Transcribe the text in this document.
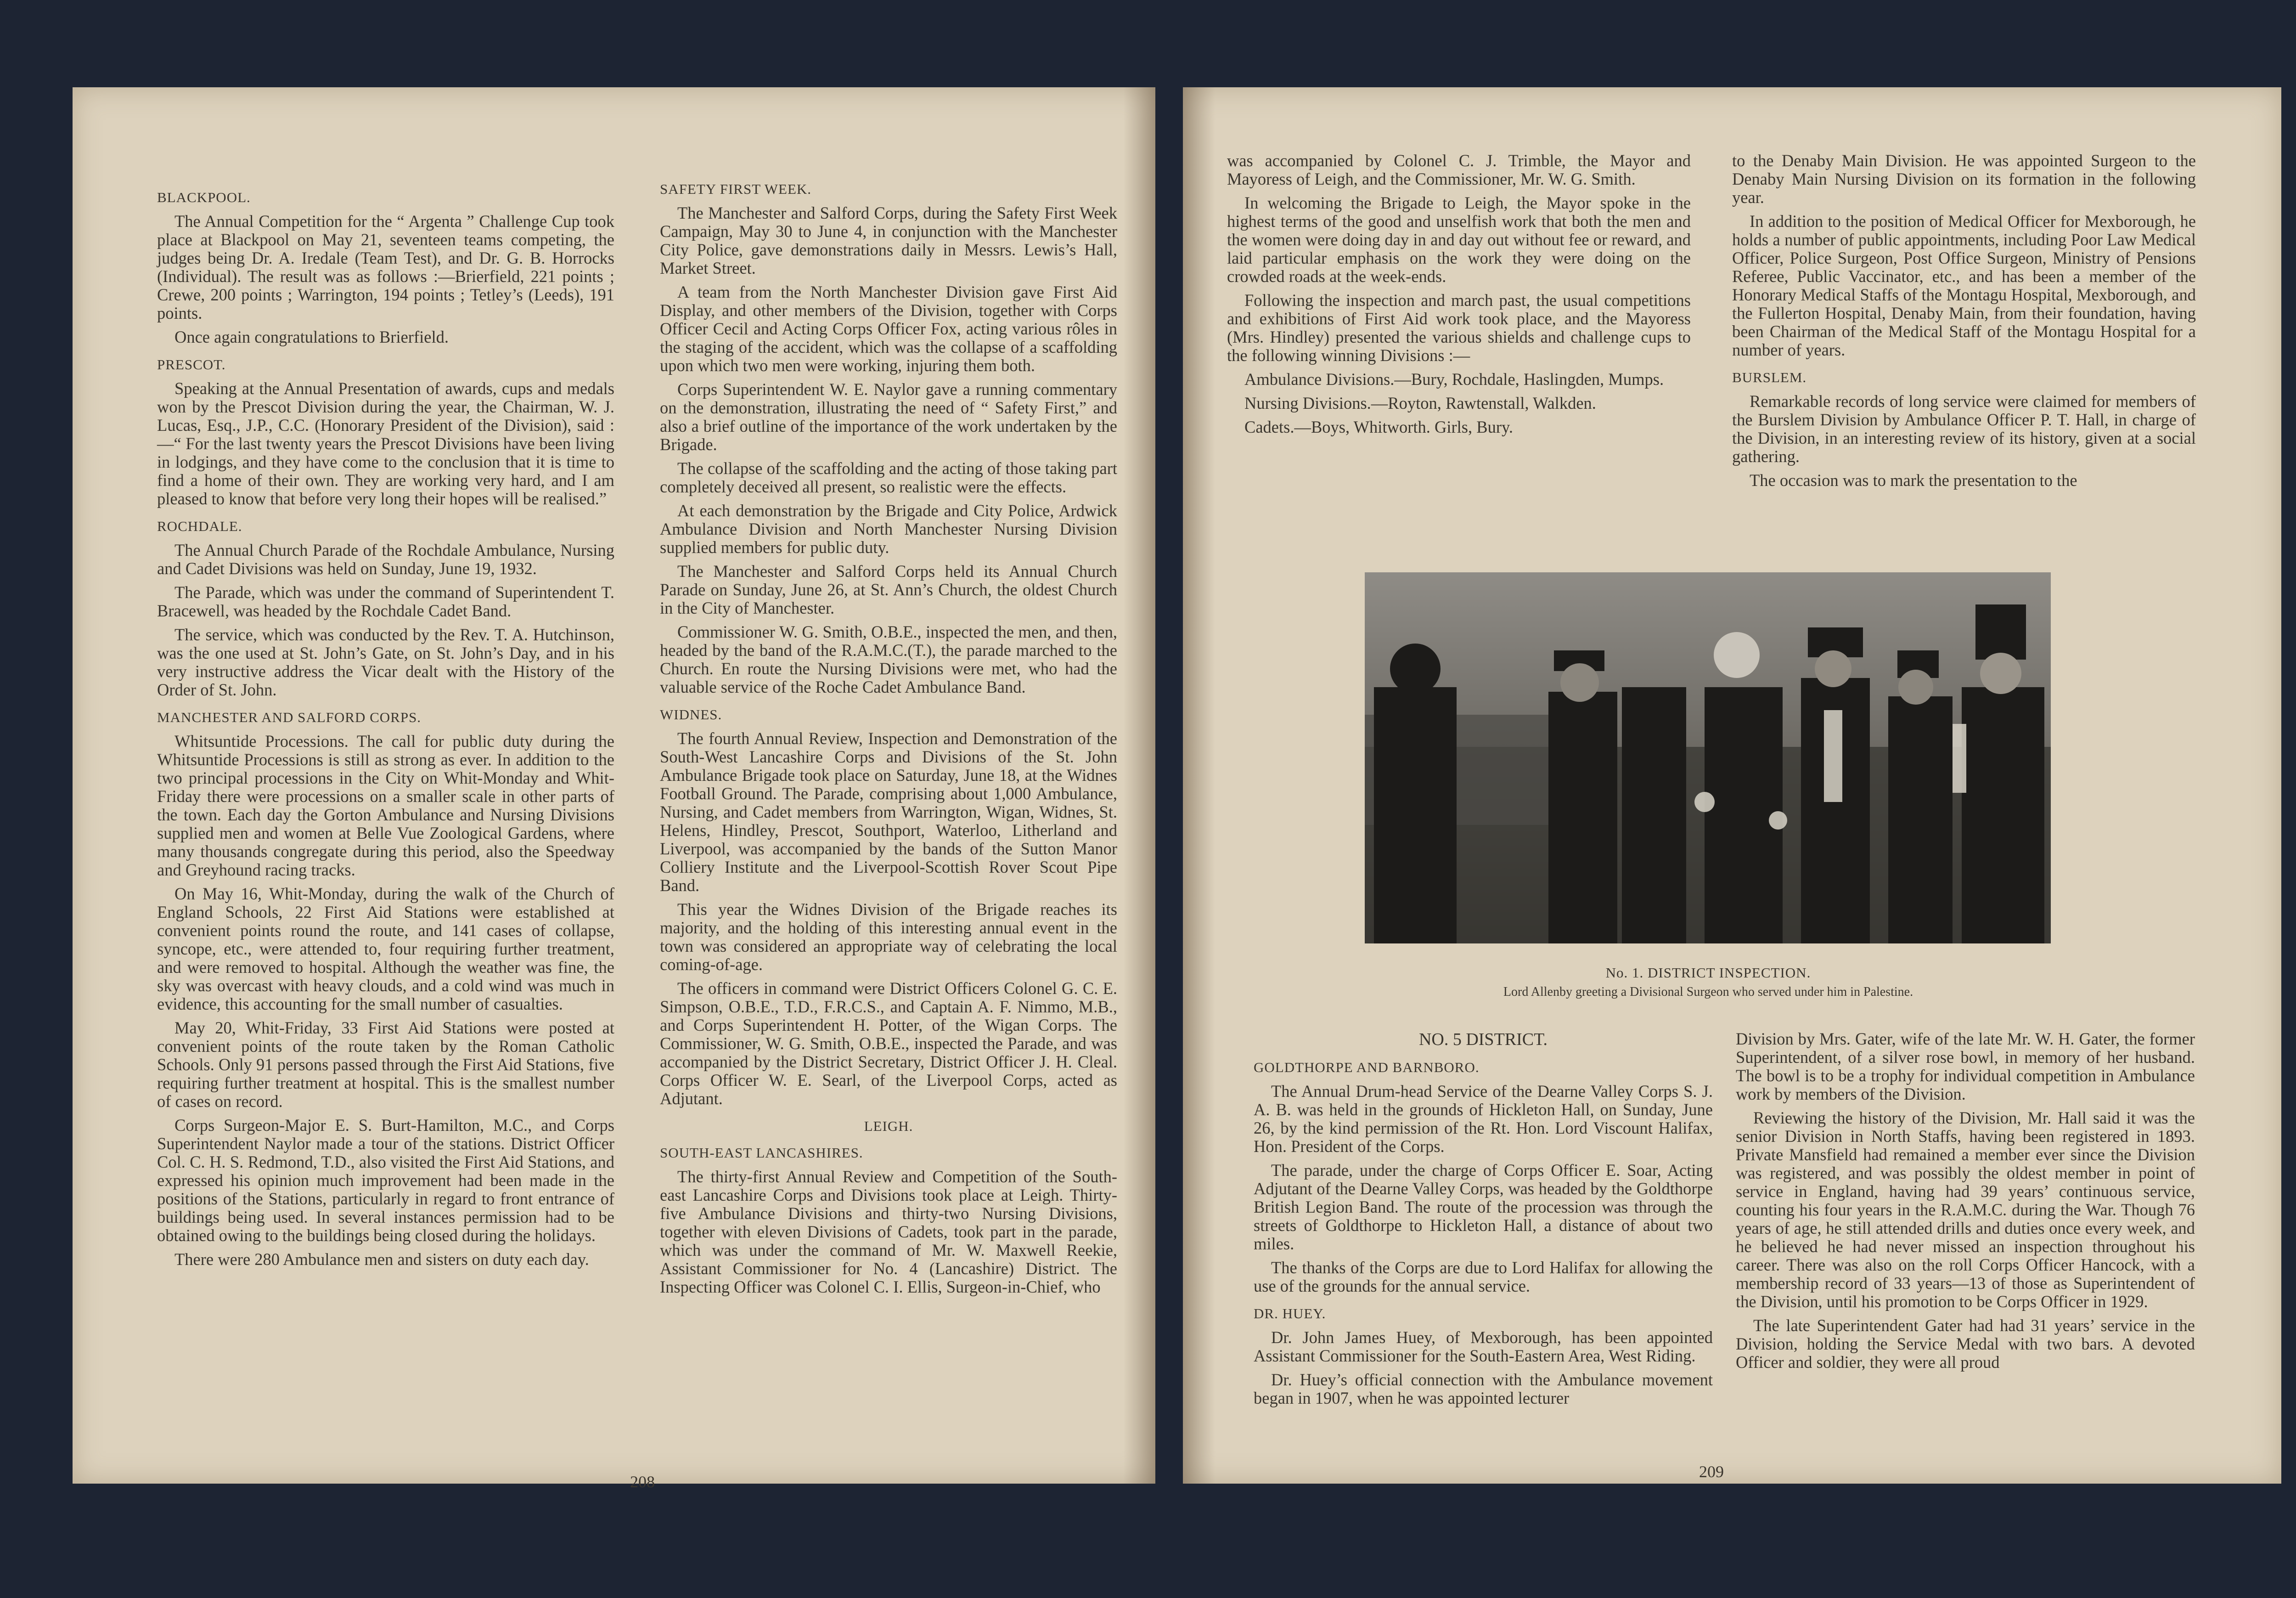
BLACKPOOL.

The Annual Competition for the “ Argenta ” Challenge Cup took place at Blackpool on May 21, seventeen teams competing, the judges being Dr. A. Iredale (Team Test), and Dr. G. B. Horrocks (Individual). The result was as follows :—Brierfield, 221 points ; Crewe, 200 points ; Warrington, 194 points ; Tetley’s (Leeds), 191 points.

Once again congratulations to Brierfield.

PRESCOT.

Speaking at the Annual Presentation of awards, cups and medals won by the Prescot Division during the year, the Chairman, W. J. Lucas, Esq., J.P., C.C. (Honorary President of the Division), said :—“ For the last twenty years the Prescot Divisions have been living in lodgings, and they have come to the conclusion that it is time to find a home of their own. They are working very hard, and I am pleased to know that before very long their hopes will be realised.”

ROCHDALE.

The Annual Church Parade of the Rochdale Ambulance, Nursing and Cadet Divisions was held on Sunday, June 19, 1932.

The Parade, which was under the command of Superintendent T. Bracewell, was headed by the Rochdale Cadet Band.

The service, which was conducted by the Rev. T. A. Hutchinson, was the one used at St. John’s Gate, on St. John’s Day, and in his very instructive address the Vicar dealt with the History of the Order of St. John.

MANCHESTER AND SALFORD CORPS.

Whitsuntide Processions. The call for public duty during the Whitsuntide Processions is still as strong as ever. In addition to the two principal processions in the City on Whit-Monday and Whit-Friday there were processions on a smaller scale in other parts of the town. Each day the Gorton Ambulance and Nursing Divisions supplied men and women at Belle Vue Zoological Gardens, where many thousands congregate during this period, also the Speedway and Greyhound racing tracks.

On May 16, Whit-Monday, during the walk of the Church of England Schools, 22 First Aid Stations were established at convenient points round the route, and 141 cases of collapse, syncope, etc., were attended to, four requiring further treatment, and were removed to hospital. Although the weather was fine, the sky was overcast with heavy clouds, and a cold wind was much in evidence, this accounting for the small number of casualties.

May 20, Whit-Friday, 33 First Aid Stations were posted at convenient points of the route taken by the Roman Catholic Schools. Only 91 persons passed through the First Aid Stations, five requiring further treatment at hospital. This is the smallest number of cases on record.

Corps Surgeon-Major E. S. Burt-Hamilton, M.C., and Corps Superintendent Naylor made a tour of the stations. District Officer Col. C. H. S. Redmond, T.D., also visited the First Aid Stations, and expressed his opinion much improvement had been made in the positions of the Stations, particularly in regard to front entrance of buildings being used. In several instances permission had to be obtained owing to the buildings being closed during the holidays.

There were 280 Ambulance men and sisters on duty each day.

SAFETY FIRST WEEK.

The Manchester and Salford Corps, during the Safety First Week Campaign, May 30 to June 4, in conjunction with the Manchester City Police, gave demonstrations daily in Messrs. Lewis’s Hall, Market Street.

A team from the North Manchester Division gave First Aid Display, and other members of the Division, together with Corps Officer Cecil and Acting Corps Officer Fox, acting various rôles in the staging of the accident, which was the collapse of a scaffolding upon which two men were working, injuring them both.

Corps Superintendent W. E. Naylor gave a running commentary on the demonstration, illustrating the need of “ Safety First,” and also a brief outline of the importance of the work undertaken by the Brigade.

The collapse of the scaffolding and the acting of those taking part completely deceived all present, so realistic were the effects.

At each demonstration by the Brigade and City Police, Ardwick Ambulance Division and North Manchester Nursing Division supplied members for public duty.

The Manchester and Salford Corps held its Annual Church Parade on Sunday, June 26, at St. Ann’s Church, the oldest Church in the City of Manchester.

Commissioner W. G. Smith, O.B.E., inspected the men, and then, headed by the band of the R.A.M.C.(T.), the parade marched to the Church. En route the Nursing Divisions were met, who had the valuable service of the Roche Cadet Ambulance Band.

WIDNES.

The fourth Annual Review, Inspection and Demonstration of the South-West Lancashire Corps and Divisions of the St. John Ambulance Brigade took place on Saturday, June 18, at the Widnes Football Ground. The Parade, comprising about 1,000 Ambulance, Nursing, and Cadet members from Warrington, Wigan, Widnes, St. Helens, Hindley, Prescot, Southport, Waterloo, Litherland and Liverpool, was accompanied by the bands of the Sutton Manor Colliery Institute and the Liverpool-Scottish Rover Scout Pipe Band.

This year the Widnes Division of the Brigade reaches its majority, and the holding of this interesting annual event in the town was considered an appropriate way of celebrating the local coming-of-age.

The officers in command were District Officers Colonel G. C. E. Simpson, O.B.E., T.D., F.R.C.S., and Captain A. F. Nimmo, M.B., and Corps Superintendent H. Potter, of the Wigan Corps. The Commissioner, W. G. Smith, O.B.E., inspected the Parade, and was accompanied by the District Secretary, District Officer J. H. Cleal. Corps Officer W. E. Searl, of the Liverpool Corps, acted as Adjutant.

LEIGH.
SOUTH-EAST LANCASHIRES.

The thirty-first Annual Review and Competition of the South-east Lancashire Corps and Divisions took place at Leigh. Thirty-five Ambulance Divisions and thirty-two Nursing Divisions, together with eleven Divisions of Cadets, took part in the parade, which was under the command of Mr. W. Maxwell Reekie, Assistant Commissioner for No. 4 (Lancashire) District. The Inspecting Officer was Colonel C. I. Ellis, Surgeon-in-Chief, who

208

was accompanied by Colonel C. J. Trimble, the Mayor and Mayoress of Leigh, and the Commissioner, Mr. W. G. Smith.

In welcoming the Brigade to Leigh, the Mayor spoke in the highest terms of the good and unselfish work that both the men and the women were doing day in and day out without fee or reward, and laid particular emphasis on the work they were doing on the crowded roads at the week-ends.

Following the inspection and march past, the usual competitions and exhibitions of First Aid work took place, and the Mayoress (Mrs. Hindley) presented the various shields and challenge cups to the following winning Divisions :—

Ambulance Divisions.—Bury, Rochdale, Haslingden, Mumps.

Nursing Divisions.—Royton, Rawtenstall, Walkden.

Cadets.—Boys, Whitworth. Girls, Bury.

to the Denaby Main Division. He was appointed Surgeon to the Denaby Main Nursing Division on its formation in the following year.

In addition to the position of Medical Officer for Mexborough, he holds a number of public appointments, including Poor Law Medical Officer, Police Surgeon, Post Office Surgeon, Ministry of Pensions Referee, Public Vaccinator, etc., and has been a member of the Honorary Medical Staffs of the Montagu Hospital, Mexborough, and the Fullerton Hospital, Denaby Main, from their foundation, having been Chairman of the Medical Staff of the Montagu Hospital for a number of years.

BURSLEM.

Remarkable records of long service were claimed for members of the Burslem Division by Ambulance Officer P. T. Hall, in charge of the Division, in an interesting review of its history, given at a social gathering.

The occasion was to mark the presentation to the

No. 1. DISTRICT INSPECTION.
Lord Allenby greeting a Divisional Surgeon who served under him in Palestine.
NO. 5 DISTRICT.
GOLDTHORPE AND BARNBORO.

The Annual Drum-head Service of the Dearne Valley Corps S. J. A. B. was held in the grounds of Hickleton Hall, on Sunday, June 26, by the kind permission of the Rt. Hon. Lord Viscount Halifax, Hon. President of the Corps.

The parade, under the charge of Corps Officer E. Soar, Acting Adjutant of the Dearne Valley Corps, was headed by the Goldthorpe British Legion Band. The route of the procession was through the streets of Goldthorpe to Hickleton Hall, a distance of about two miles.

The thanks of the Corps are due to Lord Halifax for allowing the use of the grounds for the annual service.

DR. HUEY.

Dr. John James Huey, of Mexborough, has been appointed Assistant Commissioner for the South-Eastern Area, West Riding.

Dr. Huey’s official connection with the Ambulance movement began in 1907, when he was appointed lecturer

Division by Mrs. Gater, wife of the late Mr. W. H. Gater, the former Superintendent, of a silver rose bowl, in memory of her husband. The bowl is to be a trophy for individual competition in Ambulance work by members of the Division.

Reviewing the history of the Division, Mr. Hall said it was the senior Division in North Staffs, having been registered in 1893. Private Mansfield had remained a member ever since the Division was registered, and was possibly the oldest member in point of service in England, having had 39 years’ continuous service, counting his four years in the R.A.M.C. during the War. Though 76 years of age, he still attended drills and duties once every week, and he believed he had never missed an inspection throughout his career. There was also on the roll Corps Officer Hancock, with a membership record of 33 years—13 of those as Superintendent of the Division, until his promotion to be Corps Officer in 1929.

The late Superintendent Gater had had 31 years’ service in the Division, holding the Service Medal with two bars. A devoted Officer and soldier, they were all proud

209
